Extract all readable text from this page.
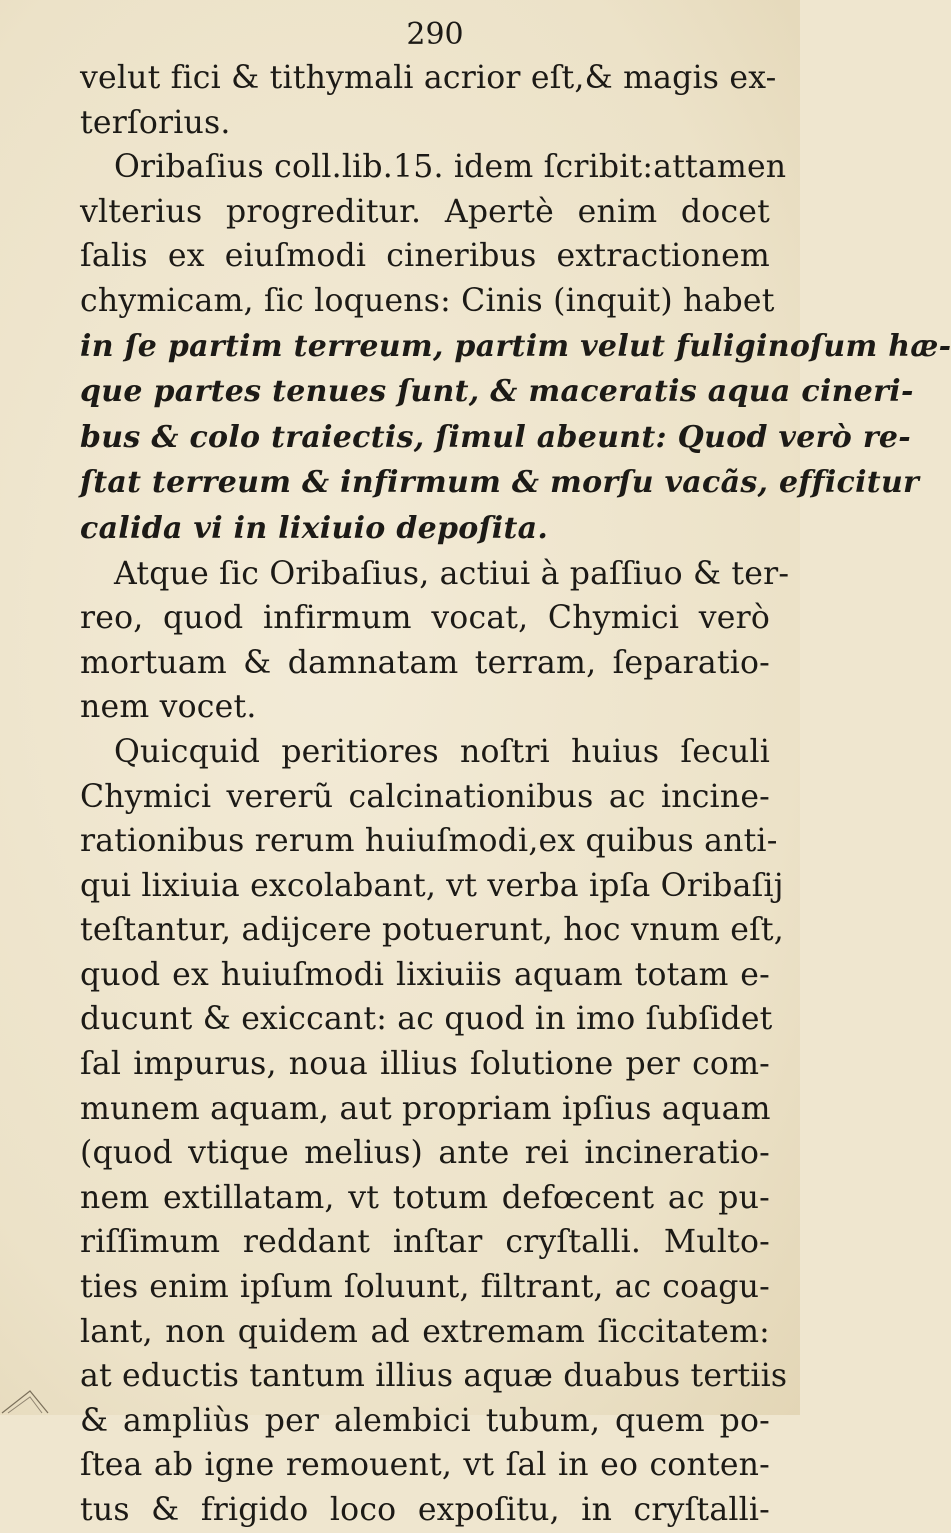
290
velut fici & tithymali acrior eſt,& magis ex-
terſorius.
Oribaſius coll.lib.15. idem ſcribit:attamen
vlterius progreditur. Apertè enim docet
ſalis ex eiuſmodi cineribus extractionem
chymicam, ſic loquens: Cinis (inquit) habet
in ſe partim terreum, partim velut fuliginoſum hæ-
que partes tenues ſunt, & maceratis aqua cineri-
bus & colo traiectis, ſimul abeunt: Quod verò re-
ſtat terreum & infirmum & morſu vacãs, efficitur
calida vi in lixiuio depoſita.
Atque ſic Oribaſius, actiui à paſſiuo & ter-
reo, quod infirmum vocat, Chymici verò
mortuam & damnatam terram, ſeparatio-
nem vocet.
Quicquid peritiores noſtri huius ſeculi
Chymici vererũ calcinationibus ac incine-
rationibus rerum huiuſmodi,ex quibus anti-
qui lixiuia excolabant, vt verba ipſa Oribaſij
teſtantur, adijcere potuerunt, hoc vnum eſt,
quod ex huiuſmodi lixiuiis aquam totam e-
ducunt & exiccant: ac quod in imo ſubſidet
ſal impurus, noua illius ſolutione per com-
munem aquam, aut propriam ipſius aquam
(quod vtique melius) ante rei incineratio-
nem extillatam, vt totum defœcent ac pu-
riſſimum reddant inſtar cryſtalli. Multo-
ties enim ipſum ſoluunt, filtrant, ac coagu-
lant, non quidem ad extremam ſiccitatem:
at eductis tantum illius aquæ duabus tertiis
& ampliùs per alembici tubum, quem po-
ſtea ab igne remouent, vt ſal in eo conten-
tus & frigido loco expoſitu, in cryſtalli-
